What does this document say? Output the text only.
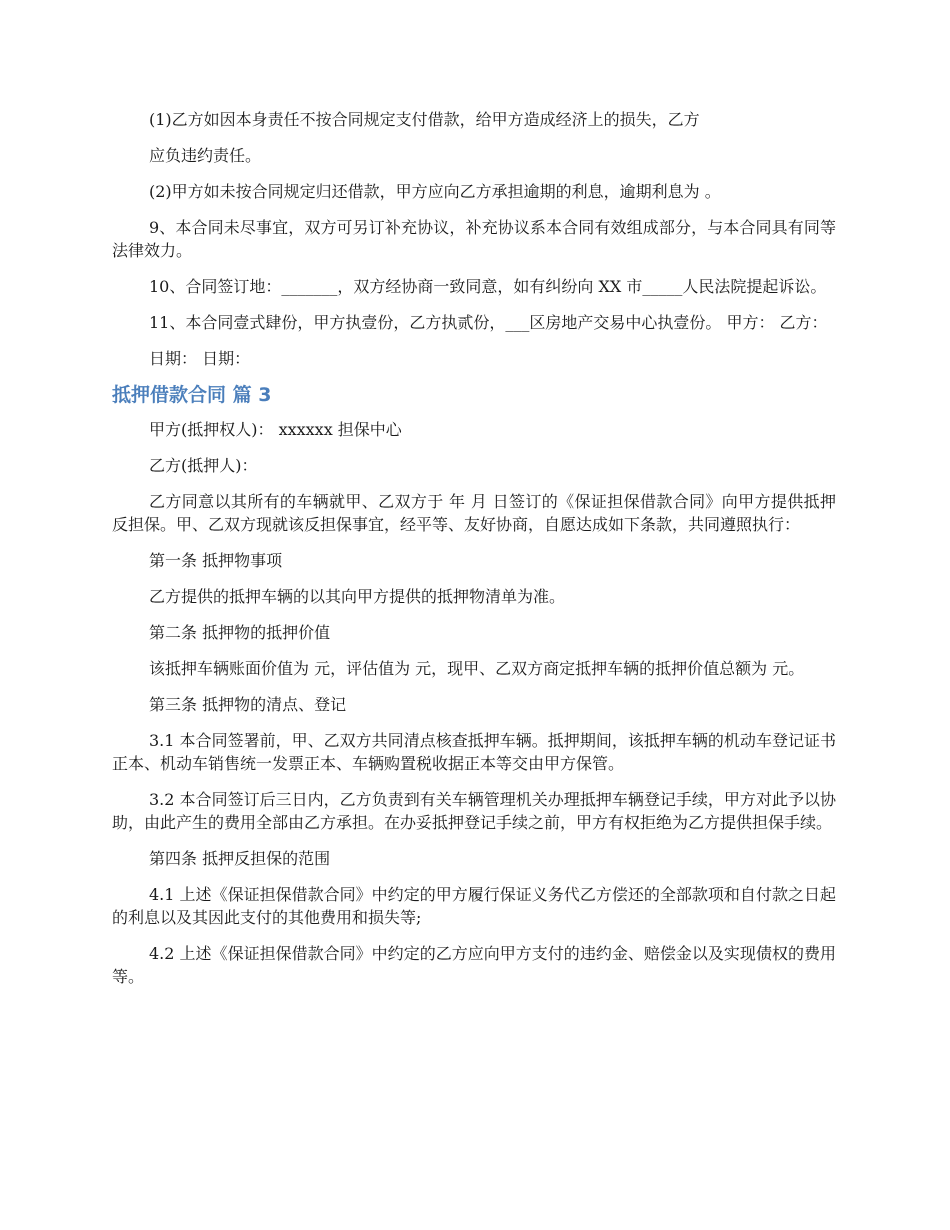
(1)乙方如因本身责任不按合同规定支付借款，给甲方造成经济上的损失，乙方

应负违约责任。

(2)甲方如未按合同规定归还借款，甲方应向乙方承担逾期的利息，逾期利息为 。

9、本合同未尽事宜，双方可另订补充协议，补充协议系本合同有效组成部分，与本合同具有同等法律效力。

10、合同签订地：_______，双方经协商一致同意，如有纠纷向 XX 市_____人民法院提起诉讼。

11、本合同壹式肆份，甲方执壹份，乙方执贰份，___区房地产交易中心执壹份。 甲方： 乙方：

日期： 日期：

抵押借款合同 篇 3

甲方(抵押权人)： xxxxxx 担保中心

乙方(抵押人)：

乙方同意以其所有的车辆就甲、乙双方于 年 月 日签订的《保证担保借款合同》向甲方提供抵押反担保。甲、乙双方现就该反担保事宜，经平等、友好协商，自愿达成如下条款，共同遵照执行：

第一条 抵押物事项

乙方提供的抵押车辆的以其向甲方提供的抵押物清单为准。

第二条 抵押物的抵押价值

该抵押车辆账面价值为 元，评估值为 元，现甲、乙双方商定抵押车辆的抵押价值总额为 元。

第三条 抵押物的清点、登记

3.1 本合同签署前，甲、乙双方共同清点核查抵押车辆。抵押期间，该抵押车辆的机动车登记证书正本、机动车销售统一发票正本、车辆购置税收据正本等交由甲方保管。

3.2 本合同签订后三日内，乙方负责到有关车辆管理机关办理抵押车辆登记手续，甲方对此予以协助，由此产生的费用全部由乙方承担。在办妥抵押登记手续之前，甲方有权拒绝为乙方提供担保手续。

第四条 抵押反担保的范围

4.1 上述《保证担保借款合同》中约定的甲方履行保证义务代乙方偿还的全部款项和自付款之日起的利息以及其因此支付的其他费用和损失等;

4.2 上述《保证担保借款合同》中约定的乙方应向甲方支付的违约金、赔偿金以及实现债权的费用等。
